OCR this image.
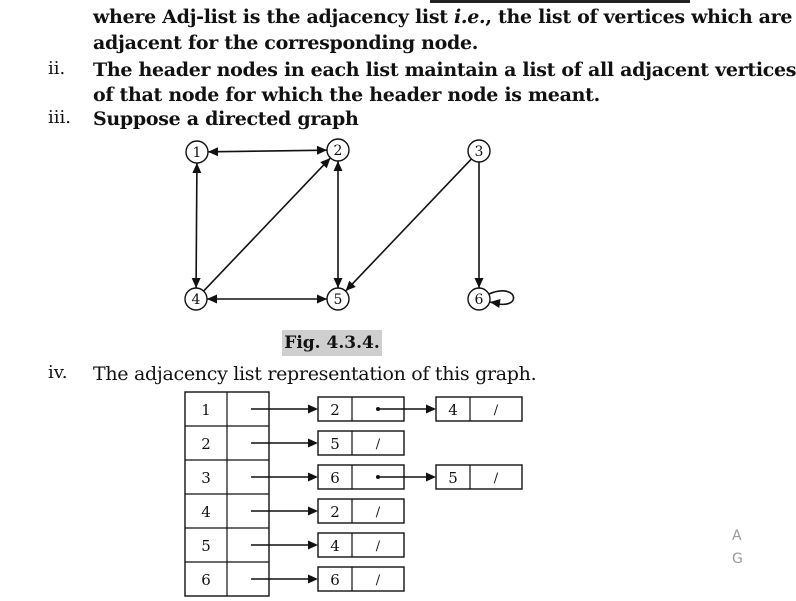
where Adj-list is the adjacency list i.e., the list of vertices which are
adjacent for the corresponding node.
ii. The header nodes in each list maintain a list of all adjacent vertices
of that node for which the header node is meant.
iii. Suppose a directed graph
1	2	3
4	5	6
Fig. 4.3.4.
iv. The adjacency list representation of this graph.
1	2	4	/
2	5	/
3	6	5	/
4	2	/
5	4	/
6	6	/
A
G
